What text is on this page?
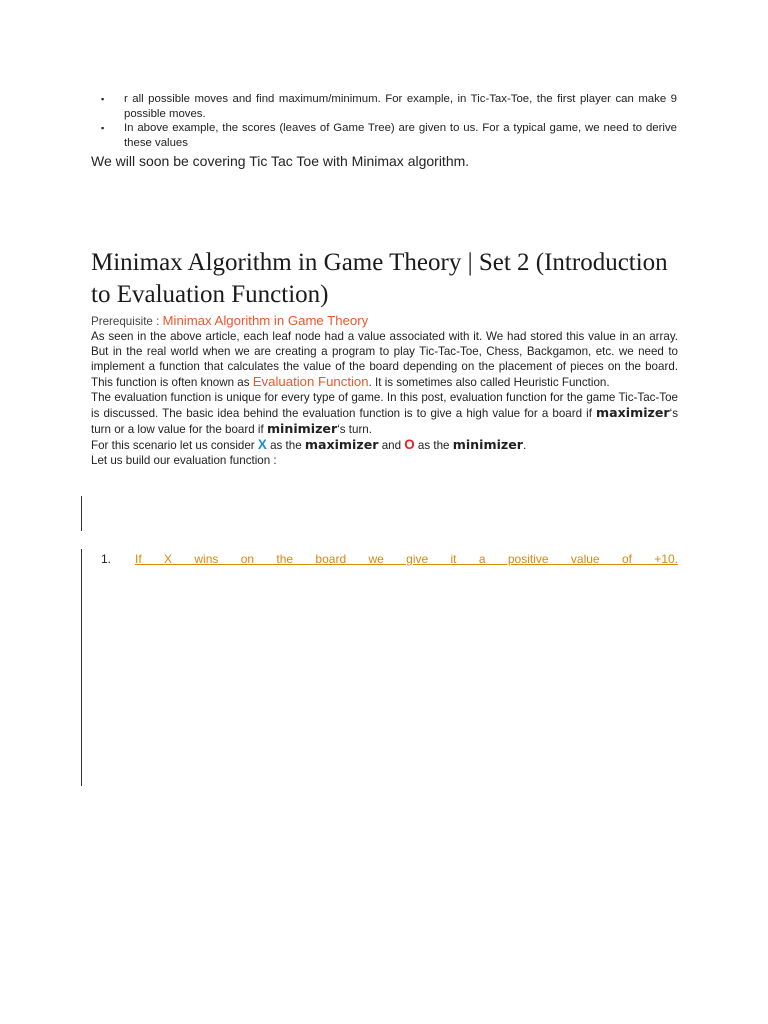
▪ r all possible moves and find maximum/minimum. For example, in Tic-Tax-Toe, the first player can make 9 possible moves.
▪ In above example, the scores (leaves of Game Tree) are given to us. For a typical game, we need to derive these values
We will soon be covering Tic Tac Toe with Minimax algorithm.
Minimax Algorithm in Game Theory | Set 2 (Introduction to Evaluation Function)

Prerequisite : Minimax Algorithm in Game Theory

As seen in the above article, each leaf node had a value associated with it. We had stored this value in an array. But in the real world when we are creating a program to play Tic-Tac-Toe, Chess, Backgamon, etc. we need to implement a function that calculates the value of the board depending on the placement of pieces on the board. This function is often known as Evaluation Function. It is sometimes also called Heuristic Function.

The evaluation function is unique for every type of game. In this post, evaluation function for the game Tic-Tac-Toe is discussed. The basic idea behind the evaluation function is to give a high value for a board if maximizer‘s turn or a low value for the board if minimizer‘s turn.

For this scenario let us consider X as the maximizer and O as the minimizer.

Let us build our evaluation function :

1. If X wins on the board we give it a positive value of +10.
